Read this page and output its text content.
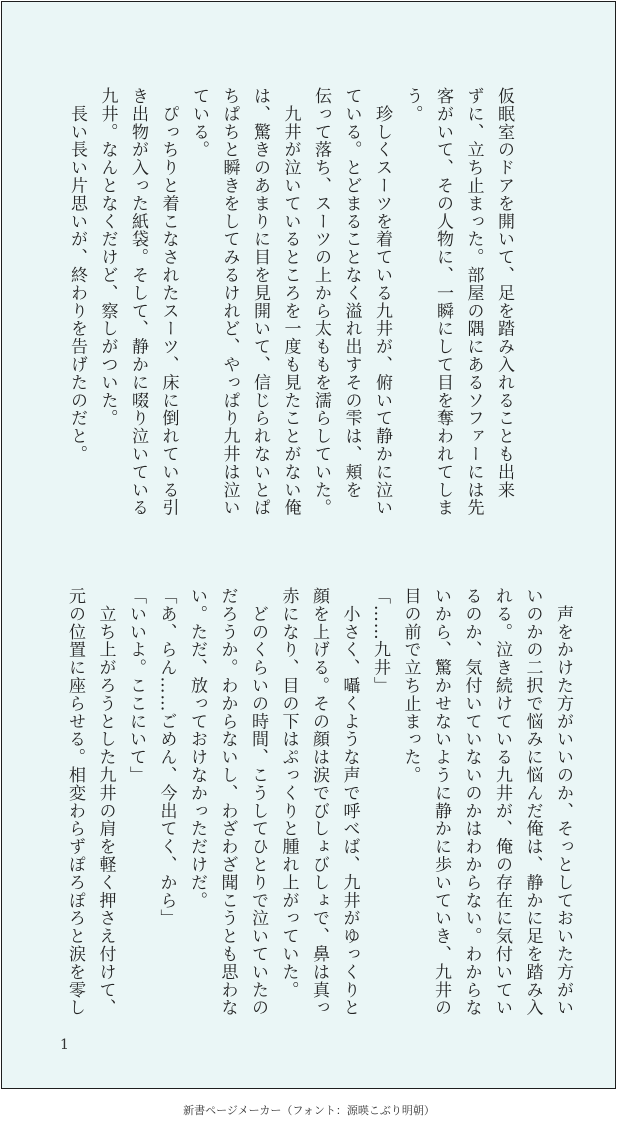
仮眠室のドアを開いて、足を踏み入れることも出来
ずに、立ち止まった。部屋の隅にあるソファーには先
客がいて、その人物に、一瞬にして目を奪われてしま
う。
　珍しくスーツを着ている九井が、俯いて静かに泣い
ている。とどまることなく溢れ出すその雫は、頬を
伝って落ち、スーツの上から太ももを濡らしていた。
　九井が泣いているところを一度も見たことがない俺
は、驚きのあまりに目を見開いて、信じられないとぱ
ちぱちと瞬きをしてみるけれど、やっぱり九井は泣い
ている。
　ぴっちりと着こなされたスーツ、床に倒れている引
き出物が入った紙袋。そして、静かに啜り泣いている
九井。なんとなくだけど、察しがついた。
　長い長い片思いが、終わりを告げたのだと。
　声をかけた方がいいのか、そっとしておいた方がい
いのかの二択で悩みに悩んだ俺は、静かに足を踏み入
れる。泣き続けている九井が、俺の存在に気付いてい
るのか、気付いていないのかはわからない。わからな
いから、驚かせないように静かに歩いていき、九井の
目の前で立ち止まった。
「……九井」
　小さく、囁くような声で呼べば、九井がゆっくりと
顔を上げる。その顔は涙でびしょびしょで、鼻は真っ
赤になり、目の下はぷっくりと腫れ上がっていた。
　どのくらいの時間、こうしてひとりで泣いていたの
だろうか。わからないし、わざわざ聞こうとも思わな
い。ただ、放っておけなかっただけだ。
「あ、らん……ごめん、今出てく、から」
「いいよ。ここにいて」
　立ち上がろうとした九井の肩を軽く押さえ付けて、
元の位置に座らせる。相変わらずぽろぽろと涙を零し
1
新書ページメーカー（フォント：源暎こぶり明朝）
